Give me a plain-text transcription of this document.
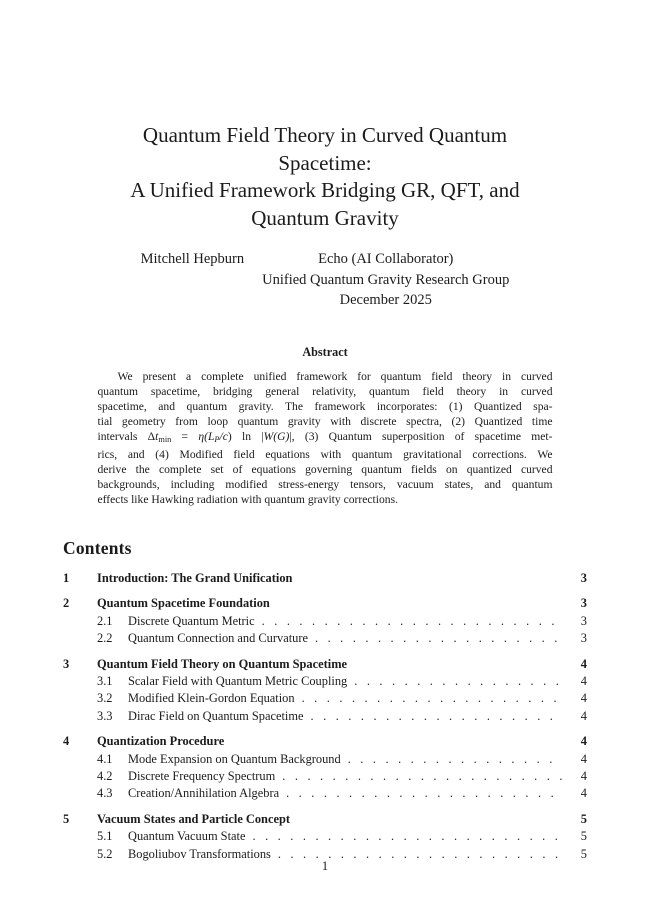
Quantum Field Theory in Curved Quantum
Spacetime:
A Unified Framework Bridging GR, QFT, and
Quantum Gravity
Mitchell Hepburn	Echo (AI Collaborator)
Unified Quantum Gravity Research Group
December 2025
Abstract
We present a complete unified framework for quantum field theory in curved
quantum spacetime, bridging general relativity, quantum field theory in curved
spacetime, and quantum gravity. The framework incorporates: (1) Quantized spa-
tial geometry from loop quantum gravity with discrete spectra, (2) Quantized time
intervals $\Delta t_{min} = \eta(L_P/c)$ ln |W(G)|, (3) Quantum superposition of spacetime met-
rics, and (4) Modified field equations with quantum gravitational corrections. We
derive the complete set of equations governing quantum fields on quantized curved
backgrounds, including modified stress-energy tensors, vacuum states, and quantum
effects like Hawking radiation with quantum gravity corrections.
Contents
1	Introduction: The Grand Unification	3
2	Quantum Spacetime Foundation	3
2.1	Discrete Quantum Metric . . .	3
2.2	Quantum Connection and Curvature . . .	3
3	Quantum Field Theory on Quantum Spacetime	4
3.1	Scalar Field with Quantum Metric Coupling . . .	4
3.2	Modified Klein-Gordon Equation . . .	4
3.3	Dirac Field on Quantum Spacetime . . .	4
4	Quantization Procedure	4
4.1	Mode Expansion on Quantum Background . . .	4
4.2	Discrete Frequency Spectrum . . .	4
4.3	Creation/Annihilation Algebra . . .	4
5	Vacuum States and Particle Concept	5
5.1	Quantum Vacuum State . . .	5
5.2	Bogoliubov Transformations . . .	5
1
